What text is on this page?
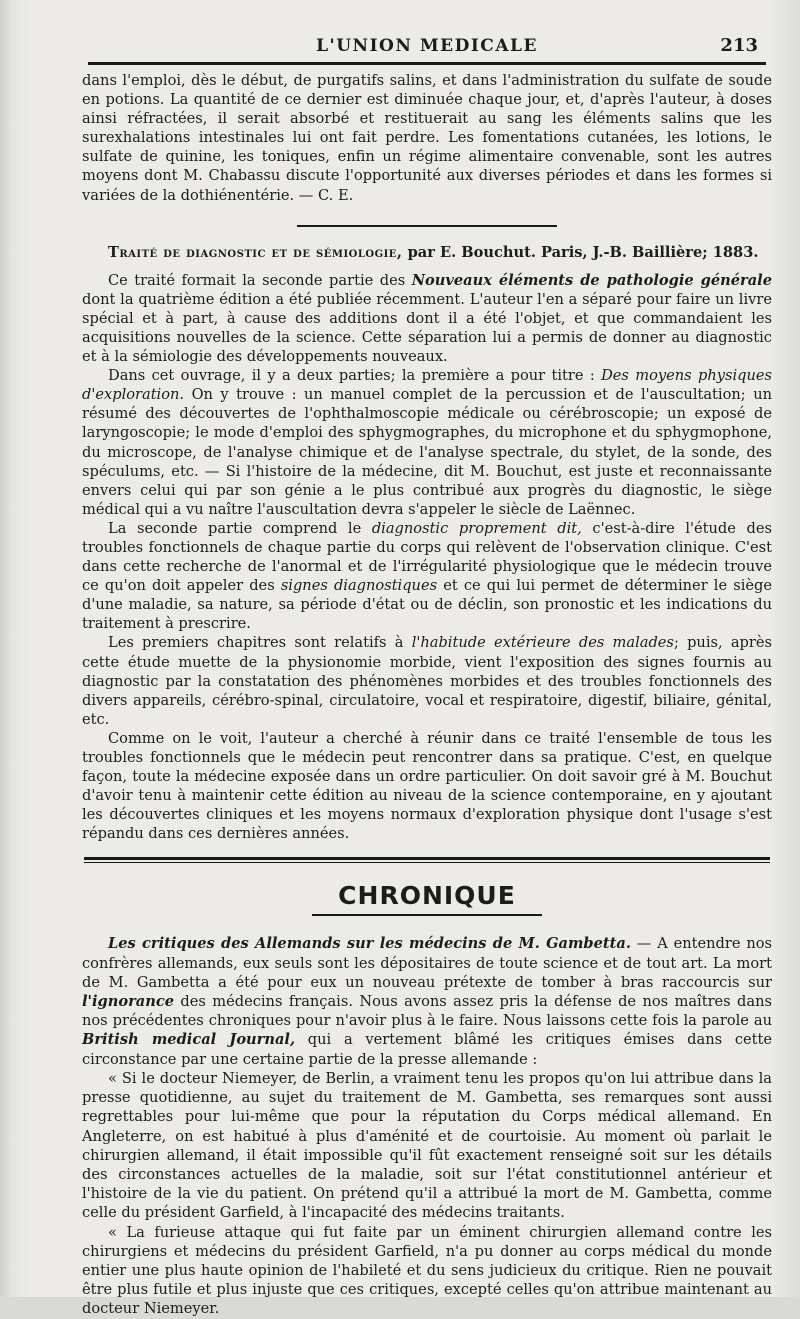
L'UNION MEDICALE	213

dans l'emploi, dès le début, de purgatifs salins, et dans l'administration du sulfate de soude en potions. La quantité de ce dernier est diminuée chaque jour, et, d'après l'auteur, à doses ainsi réfractées, il serait absorbé et restituerait au sang les éléments salins que les surexhalations intestinales lui ont fait perdre. Les fomentations cutanées, les lotions, le sulfate de quinine, les toniques, enfin un régime alimentaire convenable, sont les autres moyens dont M. Chabassu discute l'opportunité aux diverses périodes et dans les formes si variées de la dothiénentérie. — C. E.

Traité de diagnostic et de sémiologie, par E. Bouchut. Paris, J.-B. Baillière; 1883.

Ce traité formait la seconde partie des Nouveaux éléments de pathologie générale dont la quatrième édition a été publiée récemment. L'auteur l'en a séparé pour faire un livre spécial et à part, à cause des additions dont il a été l'objet, et que commandaient les acquisitions nouvelles de la science. Cette séparation lui a permis de donner au diagnostic et à la sémiologie des développements nouveaux.

Dans cet ouvrage, il y a deux parties; la première a pour titre : Des moyens physiques d'exploration. On y trouve : un manuel complet de la percussion et de l'auscultation; un résumé des découvertes de l'ophthalmoscopie médicale ou cérébroscopie; un exposé de laryngoscopie; le mode d'emploi des sphygmographes, du microphone et du sphygmophone, du microscope, de l'analyse chimique et de l'analyse spectrale, du stylet, de la sonde, des spéculums, etc. — Si l'histoire de la médecine, dit M. Bouchut, est juste et reconnaissante envers celui qui par son génie a le plus contribué aux progrès du diagnostic, le siège médical qui a vu naître l'auscultation devra s'appeler le siècle de Laënnec.

La seconde partie comprend le diagnostic proprement dit, c'est-à-dire l'étude des troubles fonctionnels de chaque partie du corps qui relèvent de l'observation clinique. C'est dans cette recherche de l'anormal et de l'irrégularité physiologique que le médecin trouve ce qu'on doit appeler des signes diagnostiques et ce qui lui permet de déterminer le siège d'une maladie, sa nature, sa période d'état ou de déclin, son pronostic et les indications du traitement à prescrire.

Les premiers chapitres sont relatifs à l'habitude extérieure des malades; puis, après cette étude muette de la physionomie morbide, vient l'exposition des signes fournis au diagnostic par la constatation des phénomènes morbides et des troubles fonctionnels des divers appareils, cérébro-spinal, circulatoire, vocal et respiratoire, digestif, biliaire, génital, etc.

Comme on le voit, l'auteur a cherché à réunir dans ce traité l'ensemble de tous les troubles fonctionnels que le médecin peut rencontrer dans sa pratique. C'est, en quelque façon, toute la médecine exposée dans un ordre particulier. On doit savoir gré à M. Bouchut d'avoir tenu à maintenir cette édition au niveau de la science contemporaine, en y ajoutant les découvertes cliniques et les moyens normaux d'exploration physique dont l'usage s'est répandu dans ces dernières années.

CHRONIQUE

Les critiques des Allemands sur les médecins de M. Gambetta. — A entendre nos confrères allemands, eux seuls sont les dépositaires de toute science et de tout art. La mort de M. Gambetta a été pour eux un nouveau prétexte de tomber à bras raccourcis sur l'ignorance des médecins français. Nous avons assez pris la défense de nos maîtres dans nos précédentes chroniques pour n'avoir plus à le faire. Nous laissons cette fois la parole au British medical Journal, qui a vertement blâmé les critiques émises dans cette circonstance par une certaine partie de la presse allemande :

« Si le docteur Niemeyer, de Berlin, a vraiment tenu les propos qu'on lui attribue dans la presse quotidienne, au sujet du traitement de M. Gambetta, ses remarques sont aussi regrettables pour lui-même que pour la réputation du Corps médical allemand. En Angleterre, on est habitué à plus d'aménité et de courtoisie. Au moment où parlait le chirurgien allemand, il était impossible qu'il fût exactement renseigné soit sur les détails des circonstances actuelles de la maladie, soit sur l'état constitutionnel antérieur et l'histoire de la vie du patient. On prétend qu'il a attribué la mort de M. Gambetta, comme celle du président Garfield, à l'incapacité des médecins traitants.

« La furieuse attaque qui fut faite par un éminent chirurgien allemand contre les chirurgiens et médecins du président Garfield, n'a pu donner au corps médical du monde entier une plus haute opinion de l'habileté et du sens judicieux du critique. Rien ne pouvait être plus futile et plus injuste que ces critiques, excepté celles qu'on attribue maintenant au docteur Niemeyer.
